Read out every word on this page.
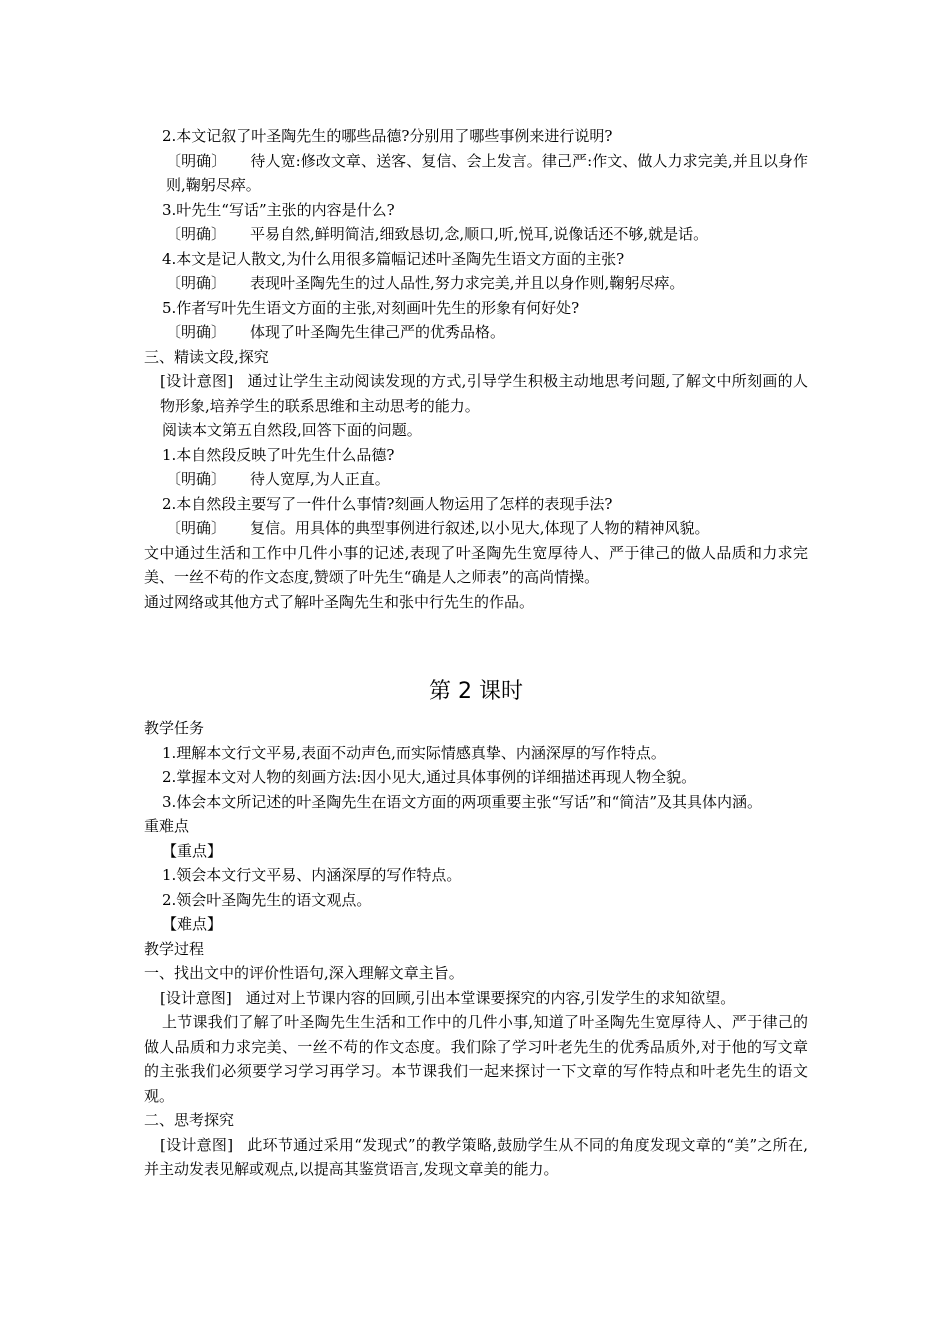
2.本文记叙了叶圣陶先生的哪些品德?分别用了哪些事例来进行说明?
〔明确〕 待人宽:修改文章、送客、复信、会上发言。律己严:作文、做人力求完美,并且以身作则,鞠躬尽瘁。
3.叶先生“写话”主张的内容是什么?
〔明确〕 平易自然,鲜明简洁,细致恳切,念,顺口,听,悦耳,说像话还不够,就是话。
4.本文是记人散文,为什么用很多篇幅记述叶圣陶先生语文方面的主张?
〔明确〕 表现叶圣陶先生的过人品性,努力求完美,并且以身作则,鞠躬尽瘁。
5.作者写叶先生语文方面的主张,对刻画叶先生的形象有何好处?
〔明确〕 体现了叶圣陶先生律己严的优秀品格。
三、精读文段,探究
[设计意图] 通过让学生主动阅读发现的方式,引导学生积极主动地思考问题,了解文中所刻画的人物形象,培养学生的联系思维和主动思考的能力。
阅读本文第五自然段,回答下面的问题。
1.本自然段反映了叶先生什么品德?
〔明确〕 待人宽厚,为人正直。
2.本自然段主要写了一件什么事情?刻画人物运用了怎样的表现手法?
〔明确〕 复信。用具体的典型事例进行叙述,以小见大,体现了人物的精神风貌。
文中通过生活和工作中几件小事的记述,表现了叶圣陶先生宽厚待人、严于律己的做人品质和力求完美、一丝不苟的作文态度,赞颂了叶先生“确是人之师表”的高尚情操。
通过网络或其他方式了解叶圣陶先生和张中行先生的作品。
第 2 课时
教学任务
1.理解本文行文平易,表面不动声色,而实际情感真挚、内涵深厚的写作特点。
2.掌握本文对人物的刻画方法:因小见大,通过具体事例的详细描述再现人物全貌。
3.体会本文所记述的叶圣陶先生在语文方面的两项重要主张“写话”和“简洁”及其具体内涵。
重难点
【重点】
1.领会本文行文平易、内涵深厚的写作特点。
2.领会叶圣陶先生的语文观点。
【难点】
教学过程
一、找出文中的评价性语句,深入理解文章主旨。
[设计意图] 通过对上节课内容的回顾,引出本堂课要探究的内容,引发学生的求知欲望。
上节课我们了解了叶圣陶先生生活和工作中的几件小事,知道了叶圣陶先生宽厚待人、严于律己的做人品质和力求完美、一丝不苟的作文态度。我们除了学习叶老先生的优秀品质外,对于他的写文章的主张我们必须要学习学习再学习。本节课我们一起来探讨一下文章的写作特点和叶老先生的语文观。
二、思考探究
[设计意图] 此环节通过采用“发现式”的教学策略,鼓励学生从不同的角度发现文章的“美”之所在,并主动发表见解或观点,以提高其鉴赏语言,发现文章美的能力。
